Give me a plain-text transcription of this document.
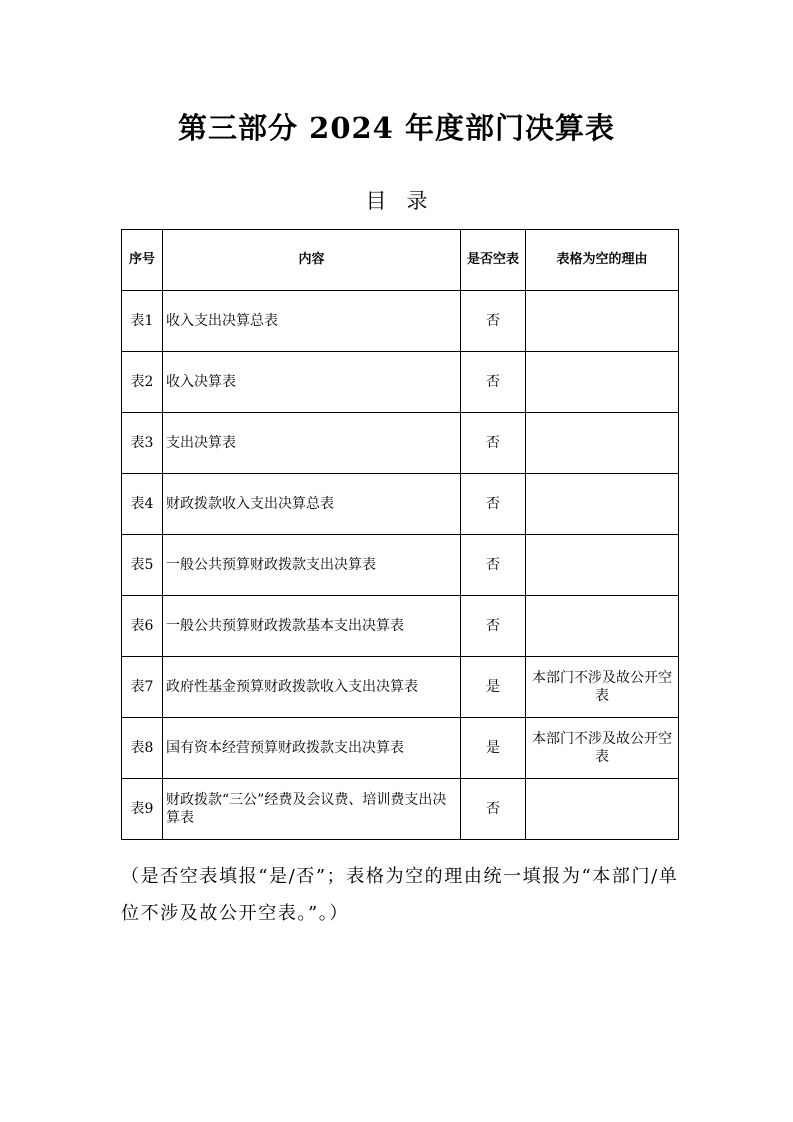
第三部分 2024 年度部门决算表
目录
序号	内容	是否空表	表格为空的理由
表1	收入支出决算总表	否	
表2	收入决算表	否	
表3	支出决算表	否	
表4	财政拨款收入支出决算总表	否	
表5	一般公共预算财政拨款支出决算表	否	
表6	一般公共预算财政拨款基本支出决算表	否	
表7	政府性基金预算财政拨款收入支出决算表	是	本部门不涉及故公开空表
表8	国有资本经营预算财政拨款支出决算表	是	本部门不涉及故公开空表
表9	财政拨款“三公”经费及会议费、培训费支出决算表	否	
（是否空表填报“是/否”；表格为空的理由统一填报为“本部门/单位不涉及故公开空表。”。）
